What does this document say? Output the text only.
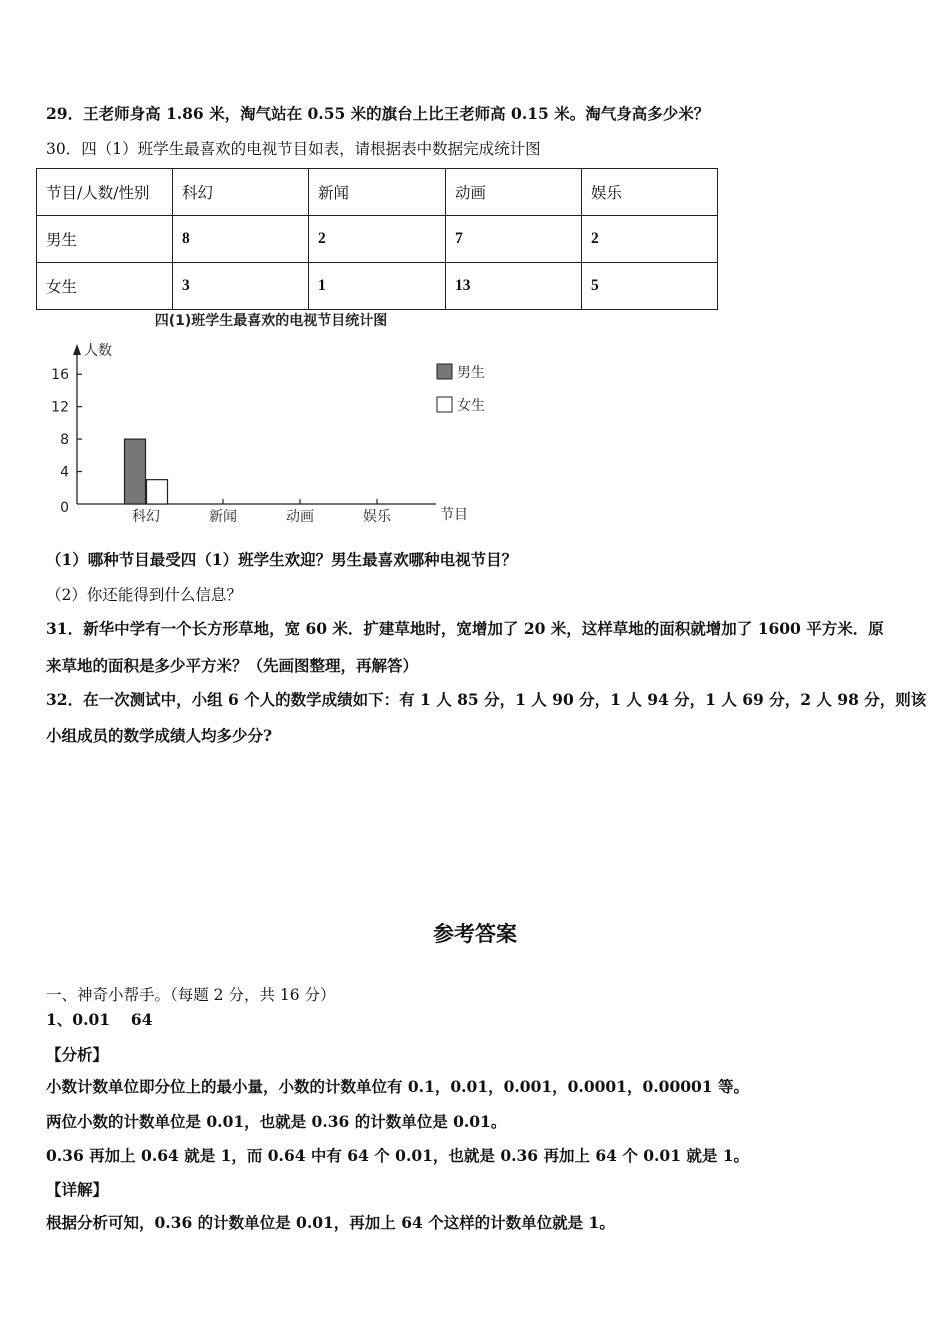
29．王老师身高 1.86 米，淘气站在 0.55 米的旗台上比王老师高 0.15 米。淘气身高多少米？
30．四（1）班学生最喜欢的电视节目如表，请根据表中数据完成统计图
节目/人数/性别	科幻	新闻	动画	娱乐
男生	8	2	7	2
女生	3	1	13	5
四(1)班学生最喜欢的电视节目统计图
人数
节目
0
4
8
12
16
科幻	新闻	动画	娱乐
男生
女生
（1）哪种节目最受四（1）班学生欢迎？男生最喜欢哪种电视节目？
（2）你还能得到什么信息？
31．新华中学有一个长方形草地，宽 60 米．扩建草地时，宽增加了 20 米，这样草地的面积就增加了 1600 平方米．原
来草地的面积是多少平方米？（先画图整理，再解答）
32．在一次测试中，小组 6 个人的数学成绩如下：有 1 人 85 分，1 人 90 分，1 人 94 分，1 人 69 分，2 人 98 分，则该
小组成员的数学成绩人均多少分?
参考答案
一、神奇小帮手。（每题 2 分，共 16 分）
1、0.01　 64
【分析】
小数计数单位即分位上的最小量，小数的计数单位有 0.1，0.01，0.001，0.0001，0.00001 等。
两位小数的计数单位是 0.01，也就是 0.36 的计数单位是 0.01。
0.36 再加上 0.64 就是 1，而 0.64 中有 64 个 0.01，也就是 0.36 再加上 64 个 0.01 就是 1。
【详解】
根据分析可知，0.36 的计数单位是 0.01，再加上 64 个这样的计数单位就是 1。
